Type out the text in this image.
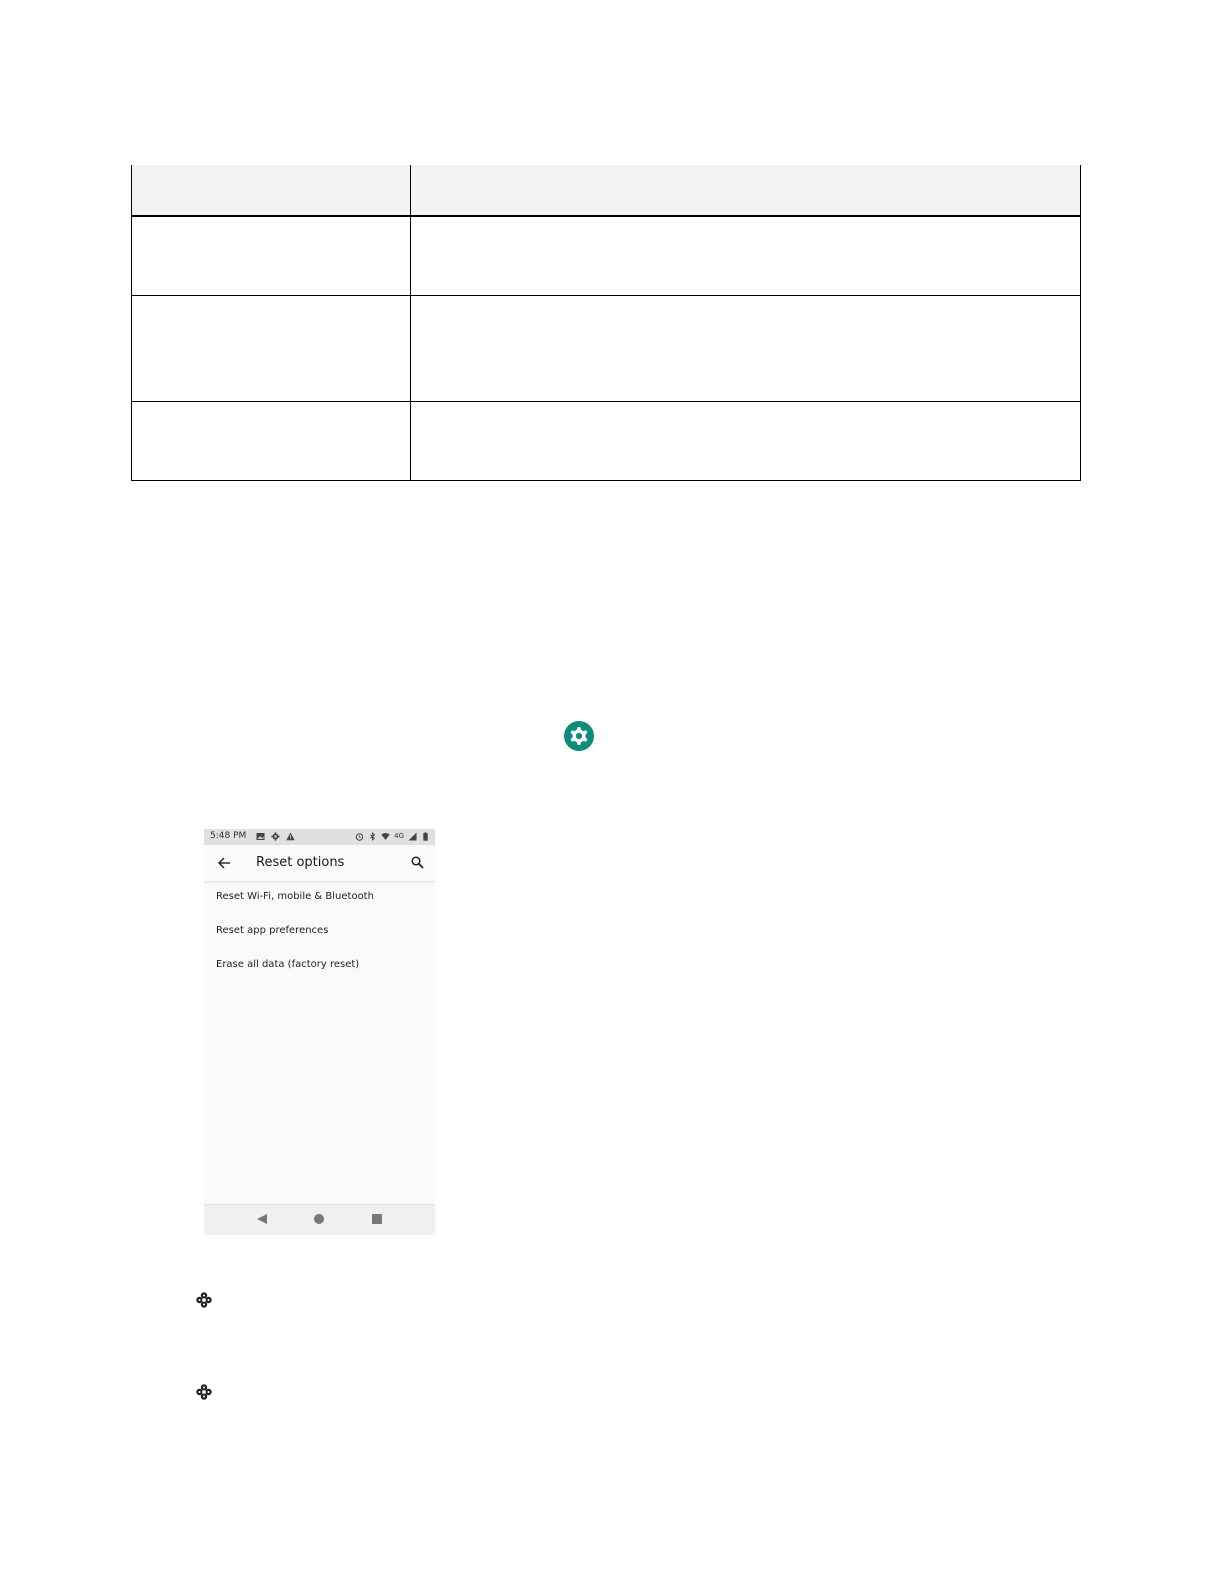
5:48 PM	4G
Reset options
Reset Wi-Fi, mobile & Bluetooth
Reset app preferences
Erase all data (factory reset)
